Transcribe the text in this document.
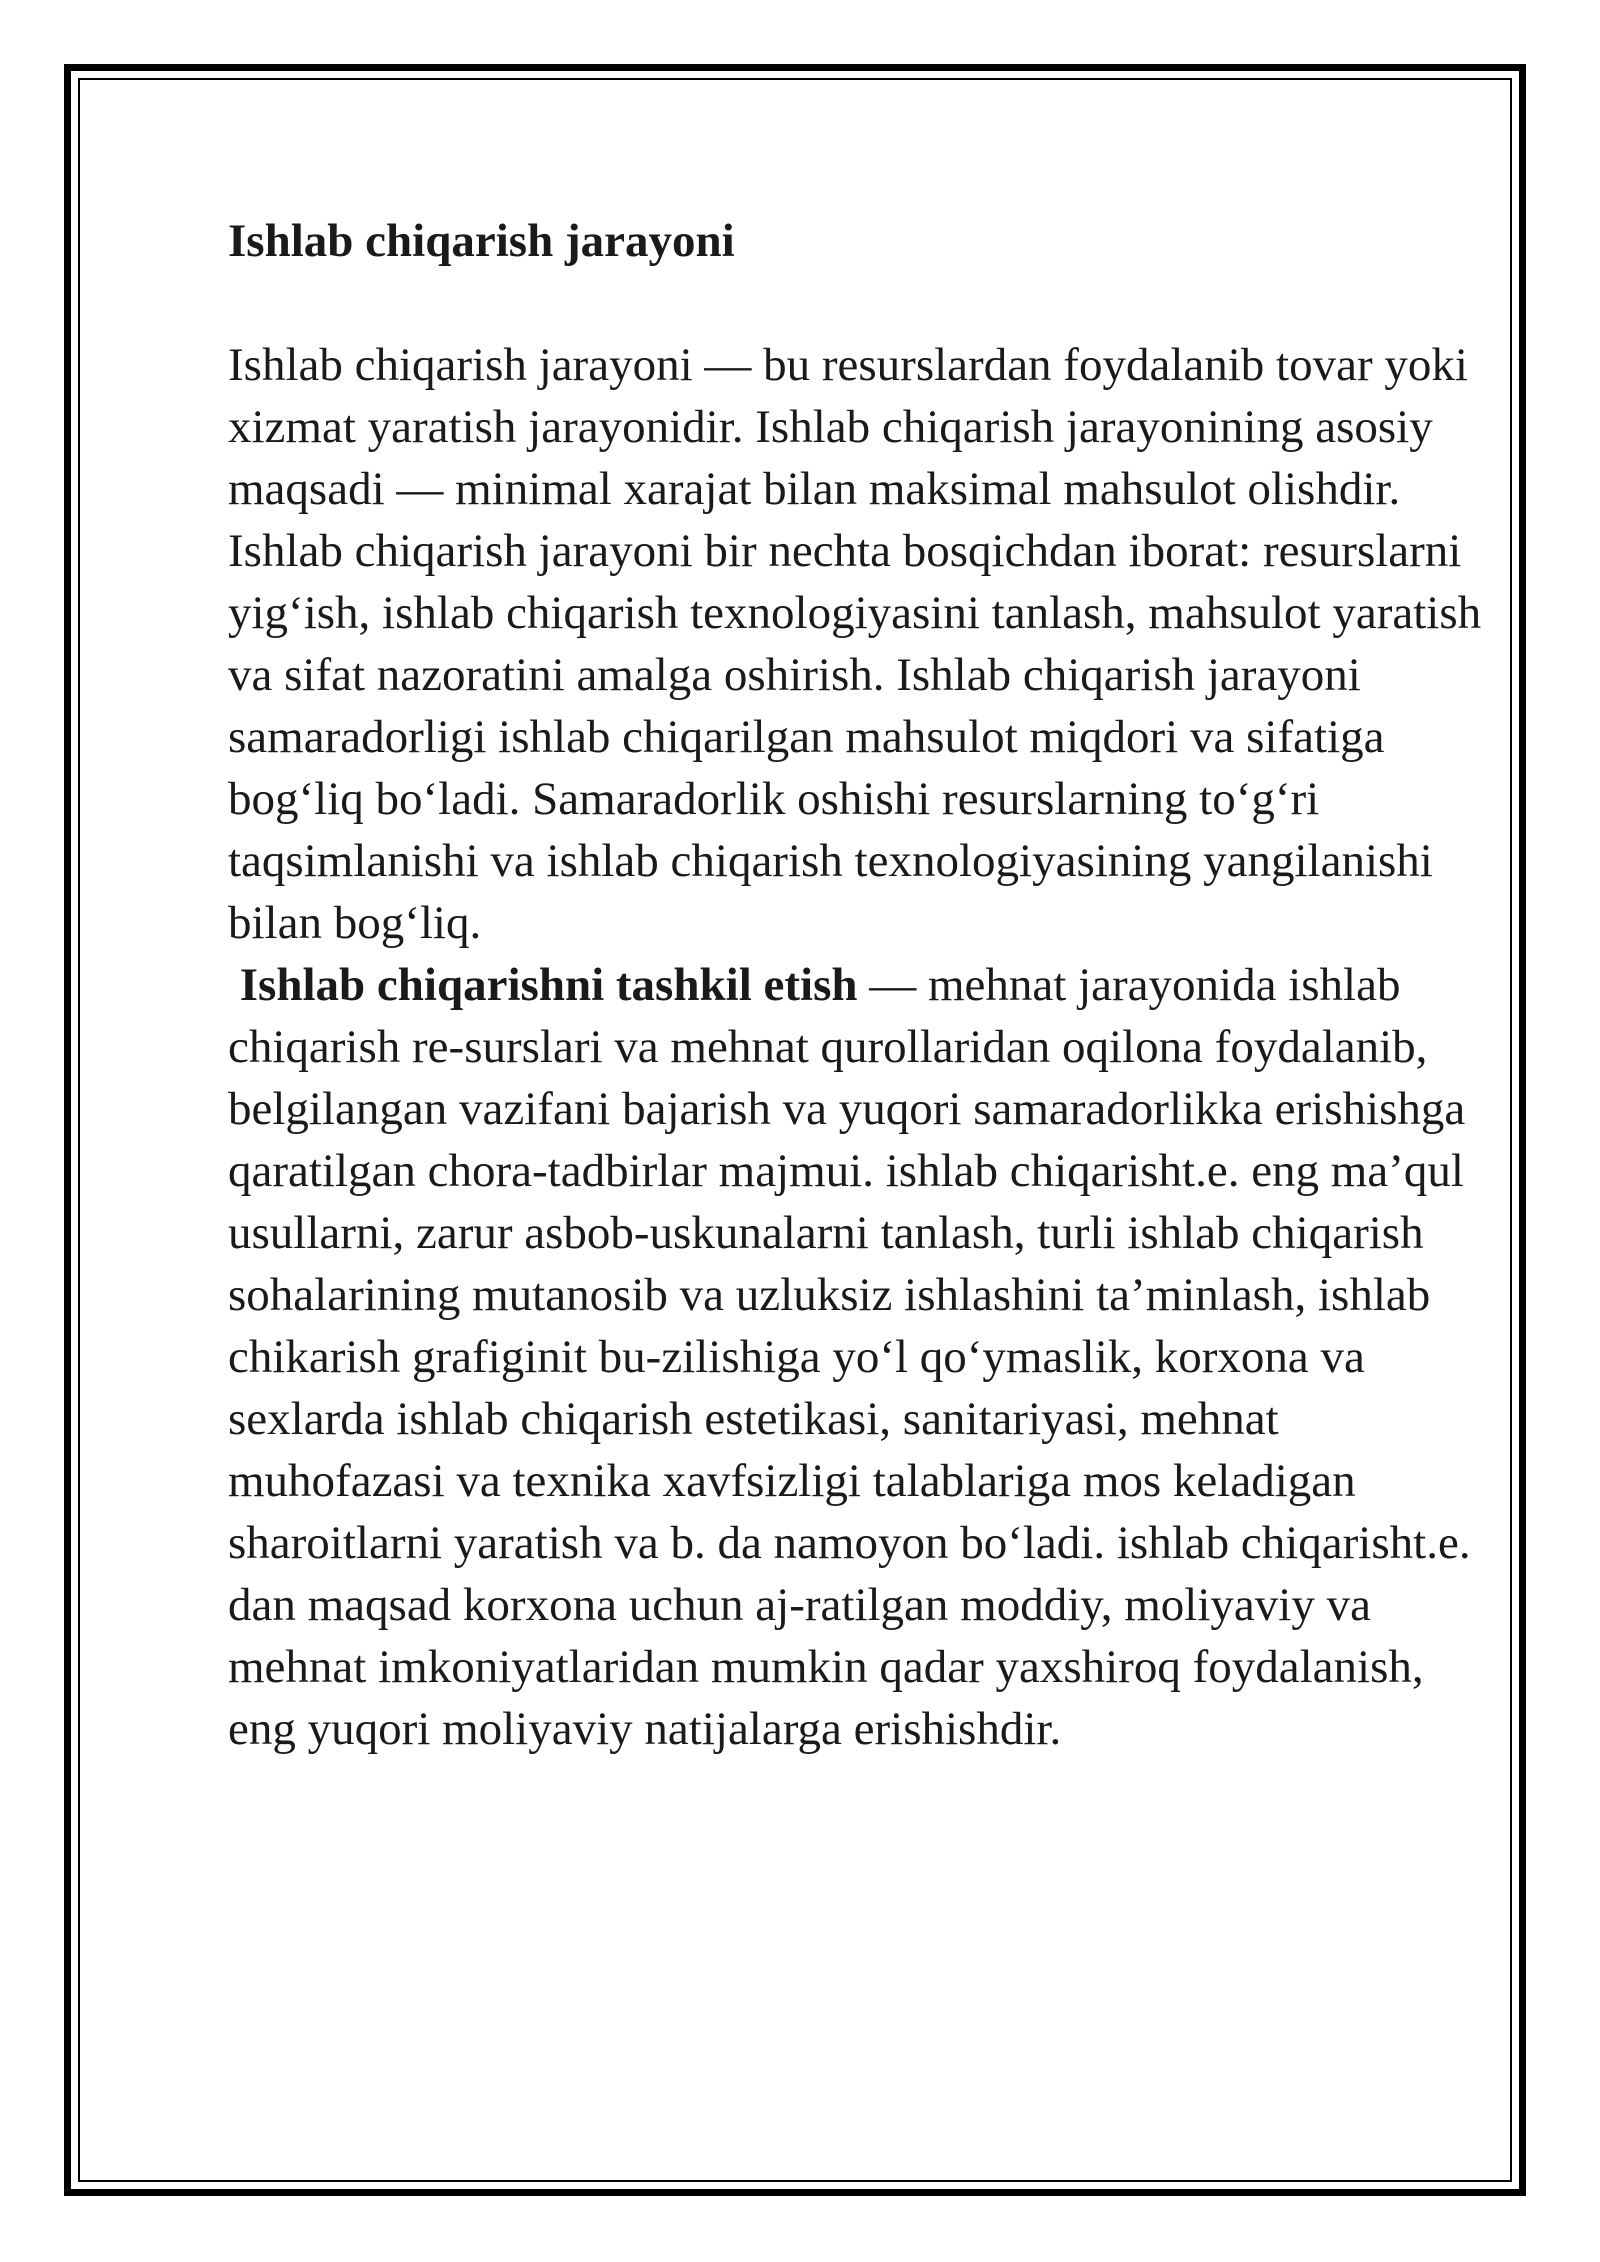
Ishlab chiqarish jarayoni

Ishlab chiqarish jarayoni — bu resurslardan foydalanib tovar yoki xizmat yaratish jarayonidir. Ishlab chiqarish jarayonining asosiy maqsadi — minimal xarajat bilan maksimal mahsulot olishdir.

Ishlab chiqarish jarayoni bir nechta bosqichdan iborat: resurslarni yig‘ish, ishlab chiqarish texnologiyasini tanlash, mahsulot yaratish va sifat nazoratini amalga oshirish. Ishlab chiqarish jarayoni samaradorligi ishlab chiqarilgan mahsulot miqdori va sifatiga bog‘liq bo‘ladi. Samaradorlik oshishi resurslarning to‘g‘ri taqsimlanishi va ishlab chiqarish texnologiyasining yangilanishi bilan bog‘liq.

Ishlab chiqarishni tashkil etish — mehnat jarayonida ishlab chiqarish re-surslari va mehnat qurollaridan oqilona foydalanib, belgilangan vazifani bajarish va yuqori samaradorlikka erishishga qaratilgan chora-tadbirlar majmui. ishlab chiqarisht.e. eng ma’qul usullarni, zarur asbob-uskunalarni tanlash, turli ishlab chiqarish sohalarining mutanosib va uzluksiz ishlashini ta’minlash, ishlab chikarish grafiginit bu-zilishiga yo‘l qo‘ymaslik, korxona va sexlarda ishlab chiqarish estetikasi, sanitariyasi, mehnat muhofazasi va texnika xavfsizligi talablariga mos keladigan sharoitlarni yaratish va b. da namoyon bo‘ladi. ishlab chiqarisht.e. dan maqsad korxona uchun aj-ratilgan moddiy, moliyaviy va mehnat imkoniyatlaridan mumkin qadar yaxshiroq foydalanish, eng yuqori moliyaviy natijalarga erishishdir.
